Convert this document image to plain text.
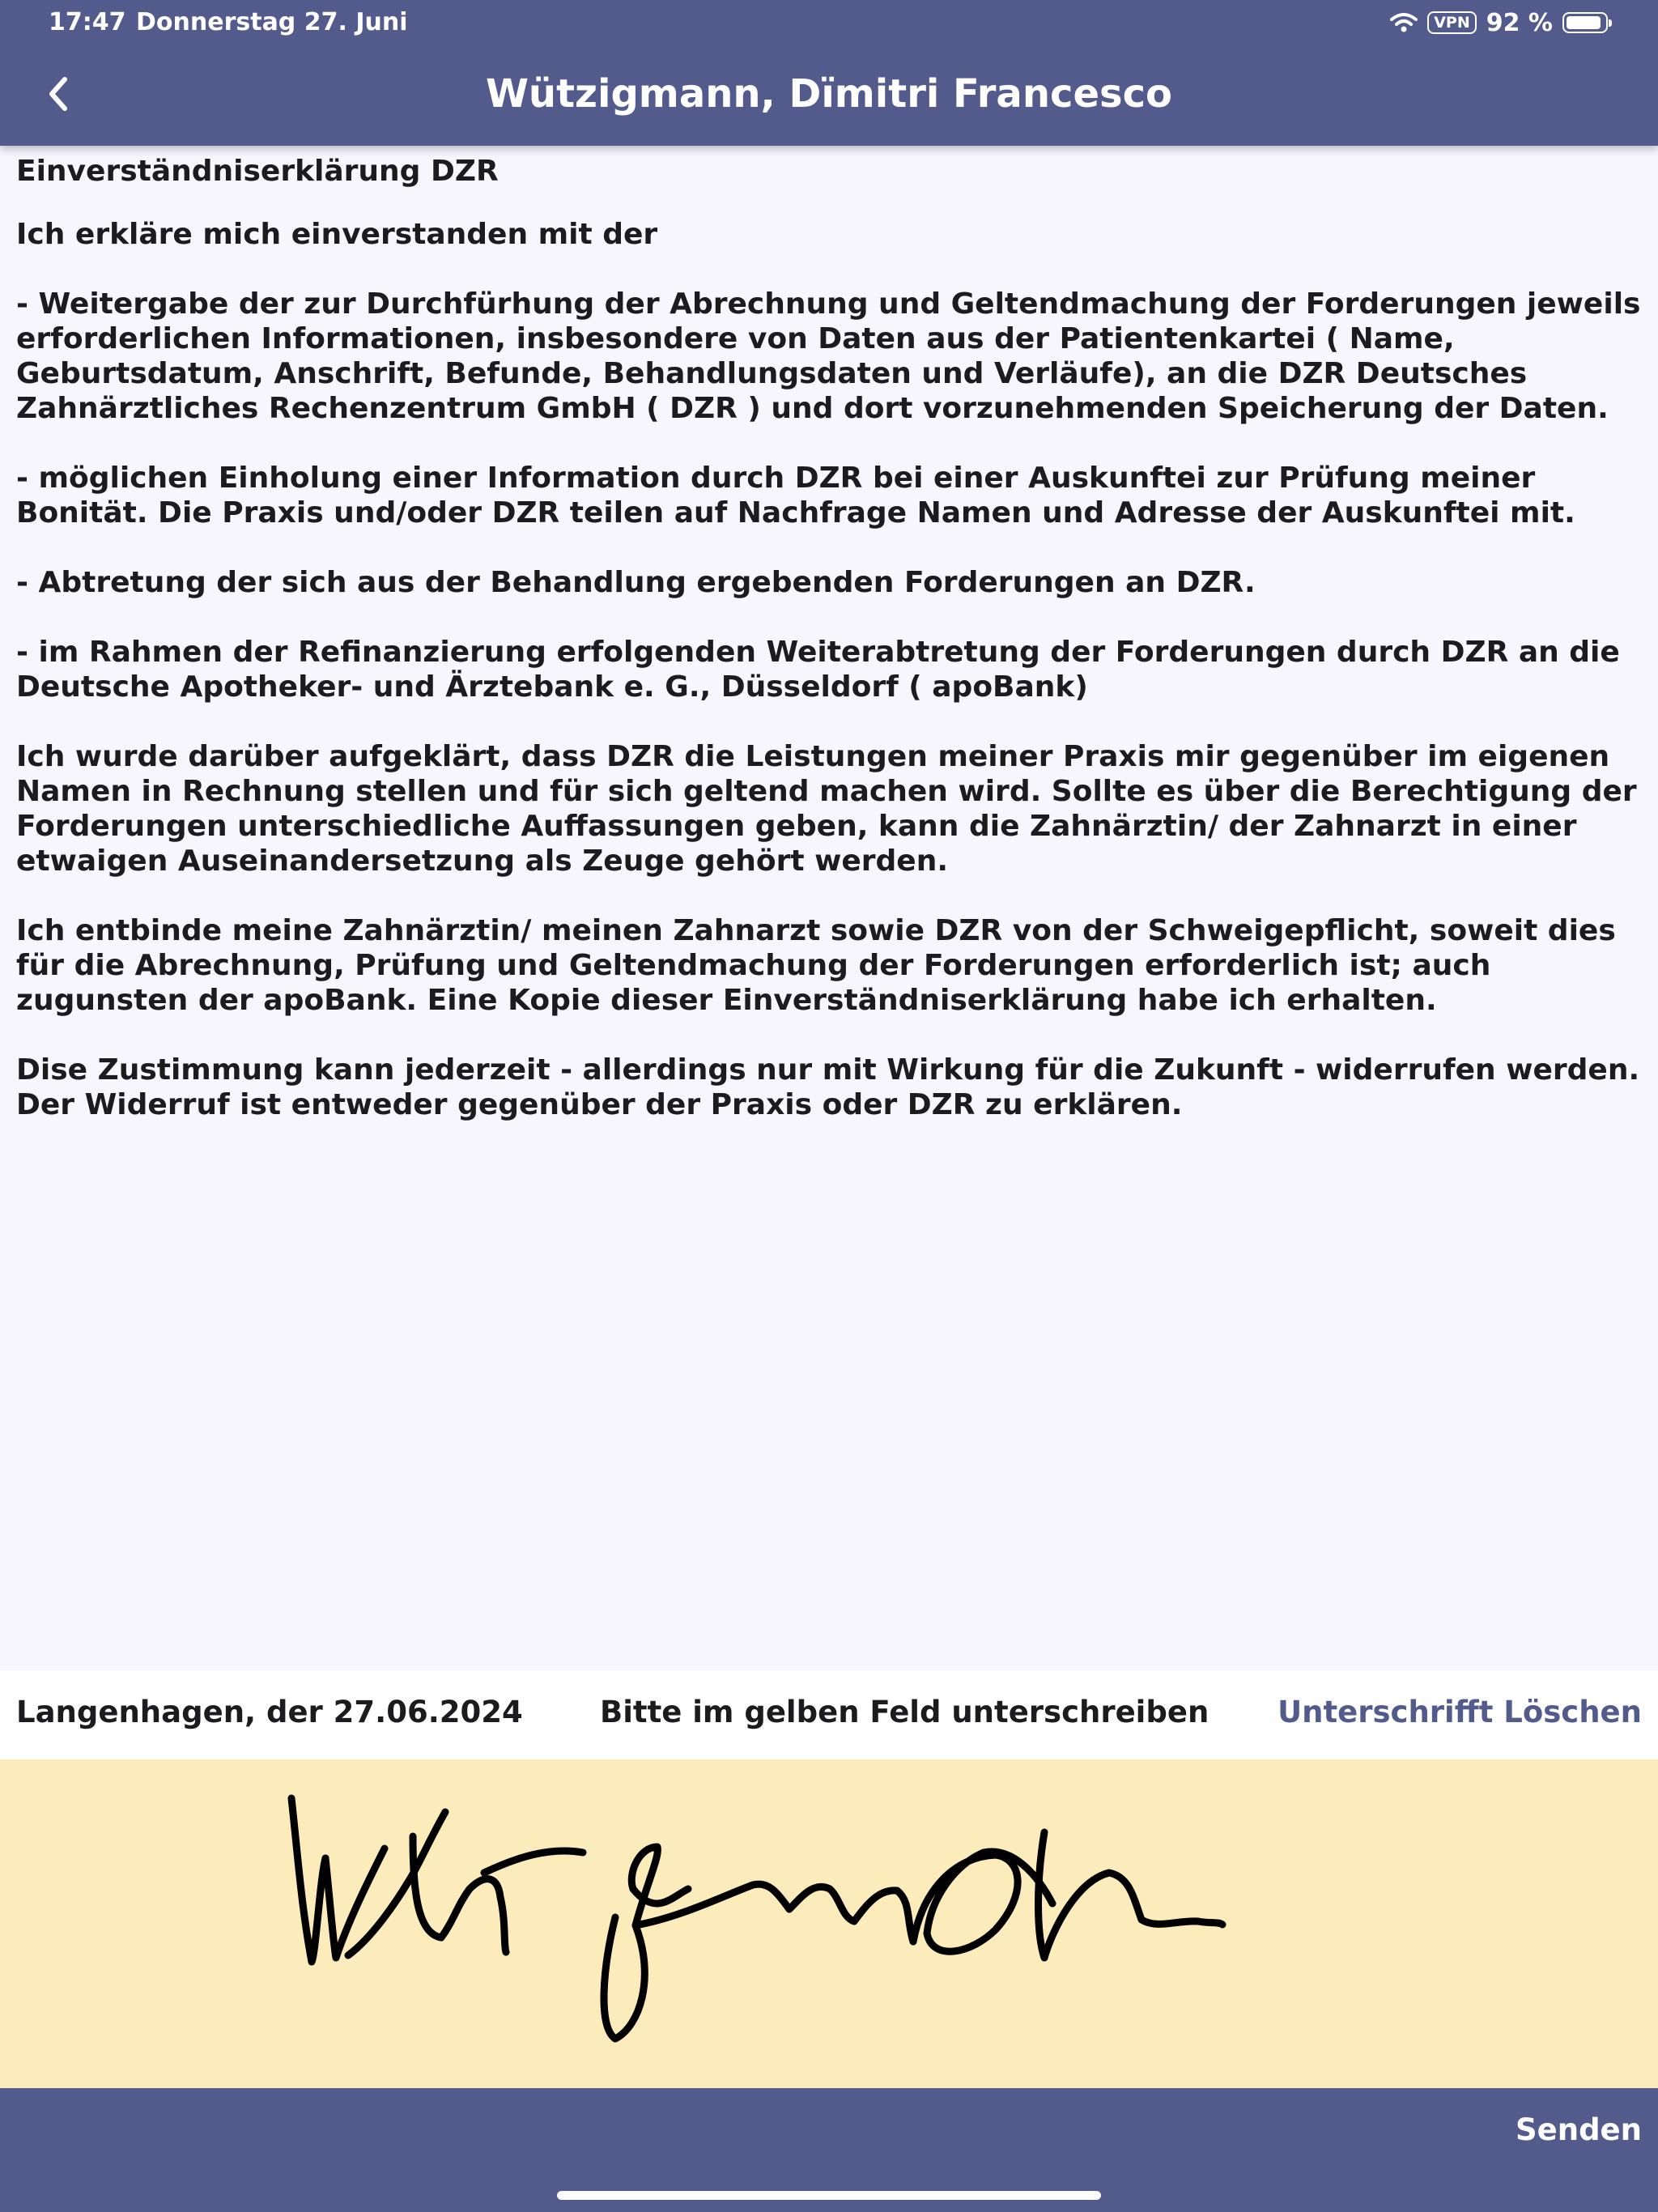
17:47 Donnerstag 27. Juni	VPN 92 %
Wützigmann, Dïmitri Francesco
Einverständniserklärung DZR
Ich erkläre mich einverstanden mit der
- Weitergabe der zur Durchfürhung der Abrechnung und Geltendmachung der Forderungen jeweils erforderlichen Informationen, insbesondere von Daten aus der Patientenkartei ( Name, Geburtsdatum, Anschrift, Befunde, Behandlungsdaten und Verläufe), an die DZR Deutsches Zahnärztliches Rechenzentrum GmbH ( DZR ) und dort vorzunehmenden Speicherung der Daten.
- möglichen Einholung einer Information durch DZR bei einer Auskunftei zur Prüfung meiner Bonität. Die Praxis und/oder DZR teilen auf Nachfrage Namen und Adresse der Auskunftei mit.
- Abtretung der sich aus der Behandlung ergebenden Forderungen an DZR.
- im Rahmen der Refinanzierung erfolgenden Weiterabtretung der Forderungen durch DZR an die Deutsche Apotheker- und Ärztebank e. G., Düsseldorf ( apoBank)
Ich wurde darüber aufgeklärt, dass DZR die Leistungen meiner Praxis mir gegenüber im eigenen Namen in Rechnung stellen und für sich geltend machen wird. Sollte es über die Berechtigung der Forderungen unterschiedliche Auffassungen geben, kann die Zahnärztin/ der Zahnarzt in einer etwaigen Auseinandersetzung als Zeuge gehört werden.
Ich entbinde meine Zahnärztin/ meinen Zahnarzt sowie DZR von der Schweigepflicht, soweit dies für die Abrechnung, Prüfung und Geltendmachung der Forderungen erforderlich ist; auch zugunsten der apoBank. Eine Kopie dieser Einverständniserklärung habe ich erhalten.
Dise Zustimmung kann jederzeit - allerdings nur mit Wirkung für die Zukunft - widerrufen werden. Der Widerruf ist entweder gegenüber der Praxis oder DZR zu erklären.
Langenhagen, der 27.06.2024	Bitte im gelben Feld unterschreiben Unterschrifft Löschen
Senden
